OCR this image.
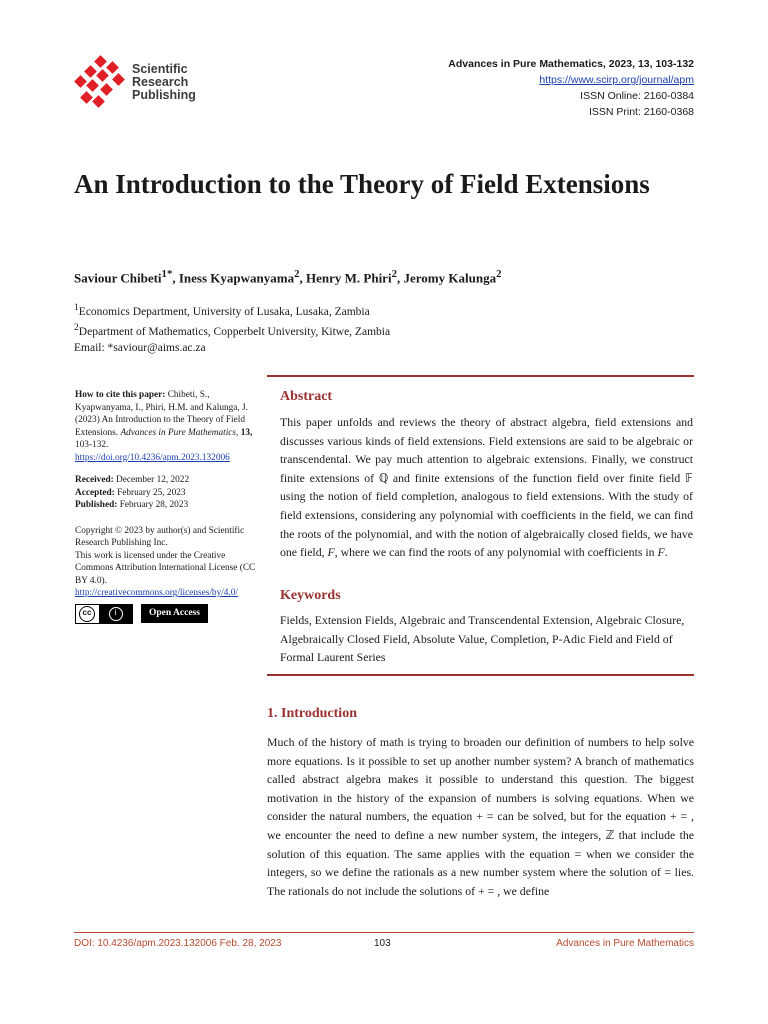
Scientific
Research
Publishing
Advances in Pure Mathematics, 2023, 13, 103-132
https://www.scirp.org/journal/apm
ISSN Online: 2160-0384
ISSN Print: 2160-0368
An Introduction to the Theory of Field Extensions
Saviour Chibeti$^{1*}$, Iness Kyapwanyama$^2$, Henry M. Phiri$^2$, Jeromy Kalunga$^2$
$^1$Economics Department, University of Lusaka, Lusaka, Zambia
$^2$Department of Mathematics, Copperbelt University, Kitwe, Zambia
Email: *saviour@aims.ac.za

How to cite this paper: Chibeti, S., Kyapwanyama, I., Phiri, H.M. and Kalunga, J. (2023) An Introduction to the Theory of Field Extensions. Advances in Pure Mathematics, 13, 103-132.
https://doi.org/10.4236/apm.2023.132006

Received: December 12, 2022
Accepted: February 25, 2023
Published: February 28, 2023
Copyright © 2023 by author(s) and Scientific Research Publishing Inc.
This work is licensed under the Creative Commons Attribution International License (CC BY 4.0).
http://creativecommons.org/licenses/by/4.0/
cc	i	Open Access
Abstract

This paper unfolds and reviews the theory of abstract algebra, field extensions and discusses various kinds of field extensions. Field extensions are said to be algebraic or transcendental. We pay much attention to algebraic extensions. Finally, we construct finite extensions of ℚ and finite extensions of the function field over finite field 𝔽 using the notion of field completion, analogous to field extensions. With the study of field extensions, considering any polynomial with coefficients in the field, we can find the roots of the polynomial, and with the notion of algebraically closed fields, we have one field, F, where we can find the roots of any polynomial with coefficients in F.

Keywords
Fields, Extension Fields, Algebraic and Transcendental Extension, Algebraic Closure, Algebraically Closed Field, Absolute Value, Completion, P-Adic Field and Field of Formal Laurent Series
1. Introduction
Much of the history of math is trying to broaden our definition of numbers to help solve more equations. Is it possible to set up another number system? A branch of mathematics called abstract algebra makes it possible to understand this question. The biggest motivation in the history of the expansion of numbers is solving equations. When we consider the natural numbers, the equation + = can be solved, but for the equation + = , we encounter the need to define a new number system, the integers, ℤ that include the solution of this equation. The same applies with the equation = when we consider the integers, so we define the rationals as a new number system where the solution of = lies. The rationals do not include the solutions of + = , we define
DOI: 10.4236/apm.2023.132006 Feb. 28, 2023	103	Advances in Pure Mathematics
